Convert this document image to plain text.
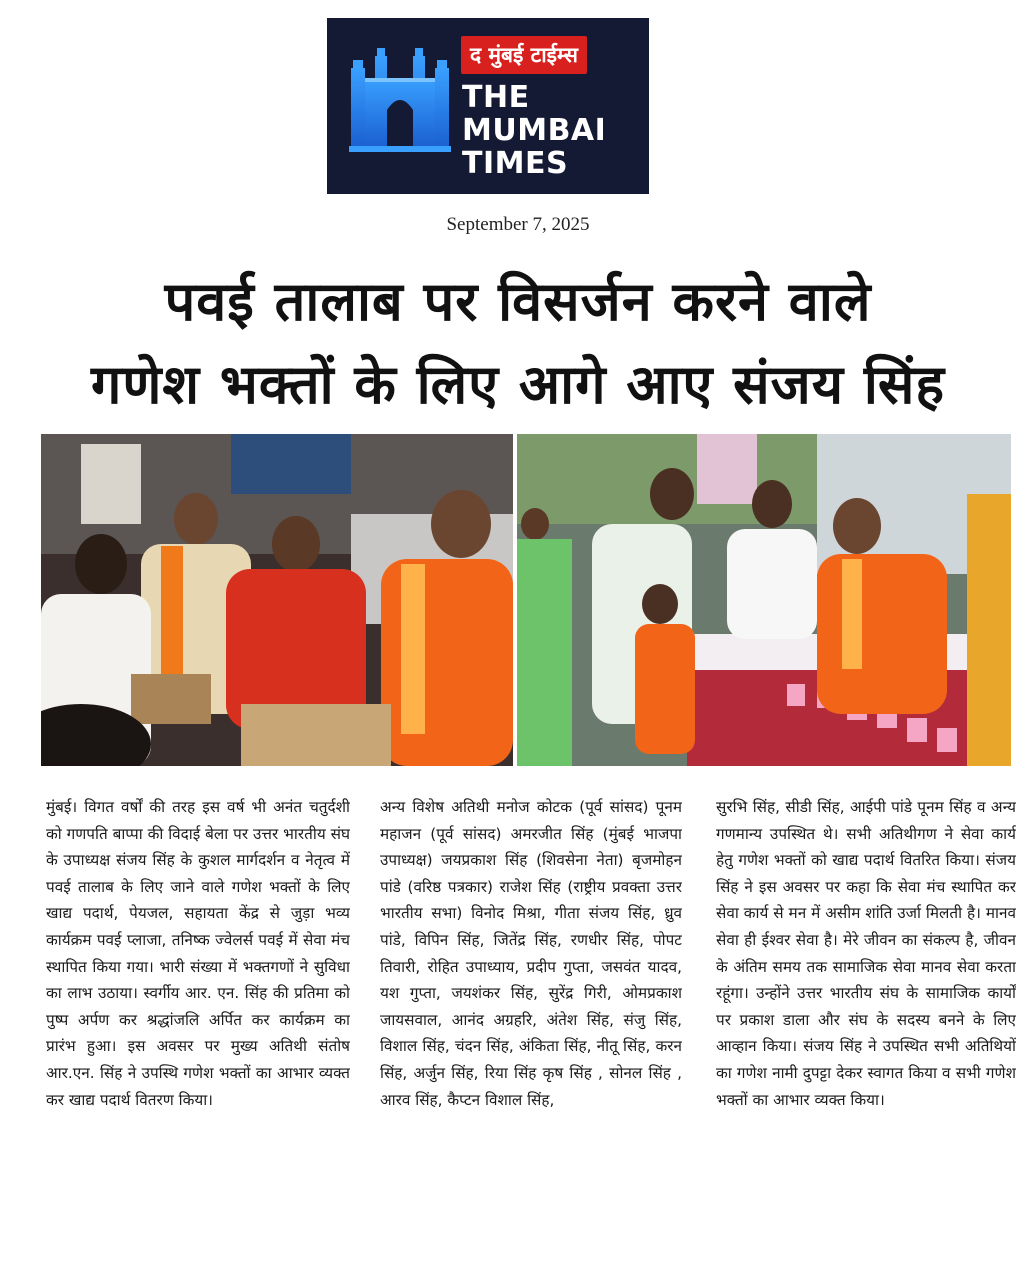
द मुंबई टाईम्स
THE
MUMBAI
TIMES
September 7, 2025
पवई तालाब पर विसर्जन करने वाले
गणेश भक्तों के लिए आगे आए संजय सिंह
मुंबई। विगत वर्षों की तरह इस वर्ष भी अनंत चतुर्दशी को गणपति बाप्पा की विदाई बेला पर उत्तर भारतीय संघ के उपाध्यक्ष संजय सिंह के कुशल मार्गदर्शन व नेतृत्व में पवई तालाब के लिए जाने वाले गणेश भक्तों के लिए खाद्य पदार्थ, पेयजल, सहायता केंद्र से जुड़ा भव्य कार्यक्रम पवई प्लाजा, तनिष्क ज्वेलर्स पवई में सेवा मंच स्थापित किया गया। भारी संख्या में भक्तगणों ने सुविधा का लाभ उठाया। स्वर्गीय आर. एन. सिंह की प्रतिमा को पुष्प अर्पण कर श्रद्धांजलि अर्पित कर कार्यक्रम का प्रारंभ हुआ। इस अवसर पर मुख्य अतिथी संतोष आर.एन. सिंह ने उपस्थि गणेश भक्तों का आभार व्यक्त कर खाद्य पदार्थ वितरण किया।
अन्य विशेष अतिथी मनोज कोटक (पूर्व सांसद) पूनम महाजन (पूर्व सांसद) अमरजीत सिंह (मुंबई भाजपा उपाध्यक्ष) जयप्रकाश सिंह (शिवसेना नेता) बृजमोहन पांडे (वरिष्ठ पत्रकार) राजेश सिंह (राष्ट्रीय प्रवक्ता उत्तर भारतीय सभा) विनोद मिश्रा, गीता संजय सिंह, ध्रुव पांडे, विपिन सिंह, जितेंद्र सिंह, रणधीर सिंह, पोपट तिवारी, रोहित उपाध्याय, प्रदीप गुप्ता, जसवंत यादव, यश गुप्ता, जयशंकर सिंह, सुरेंद्र गिरी, ओमप्रकाश जायसवाल, आनंद अग्रहरि, अंतेश सिंह, संजु सिंह, विशाल सिंह, चंदन सिंह, अंकिता सिंह, नीतू सिंह, करन सिंह, अर्जुन सिंह, रिया सिंह कृष सिंह , सोनल सिंह , आरव सिंह, कैप्टन विशाल सिंह,
सुरभि सिंह, सीडी सिंह, आईपी पांडे पूनम सिंह व अन्य गणमान्य उपस्थित थे। सभी अतिथीगण ने सेवा कार्य हेतु गणेश भक्तों को खाद्य पदार्थ वितरित किया। संजय सिंह ने इस अवसर पर कहा कि सेवा मंच स्थापित कर सेवा कार्य से मन में असीम शांति उर्जा मिलती है। मानव सेवा ही ईश्वर सेवा है। मेरे जीवन का संकल्प है, जीवन के अंतिम समय तक सामाजिक सेवा मानव सेवा करता रहूंगा। उन्होंने उत्तर भारतीय संघ के सामाजिक कार्यों पर प्रकाश डाला और संघ के सदस्य बनने के लिए आव्हान किया। संजय सिंह ने उपस्थित सभी अतिथियों का गणेश नामी दुपट्टा देकर स्वागत किया व सभी गणेश भक्तों का आभार व्यक्त किया।
